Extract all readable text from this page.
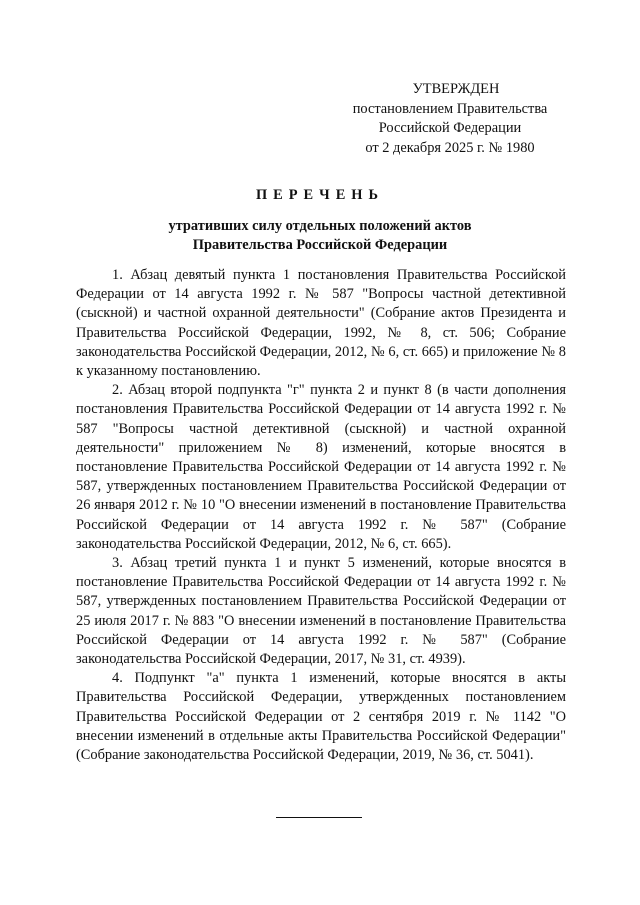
УТВЕРЖДЕН
постановлением Правительства
Российской Федерации
от 2 декабря 2025 г. № 1980
ПЕРЕЧЕНЬ
утративших силу отдельных положений актов
Правительства Российской Федерации

1. Абзац девятый пункта 1 постановления Правительства Российской Федерации от 14 августа 1992 г. № 587 "Вопросы частной детективной (сыскной) и частной охранной деятельности" (Собрание актов Президента и Правительства Российской Федерации, 1992, № 8, ст. 506; Собрание законодательства Российской Федерации, 2012, № 6, ст. 665) и приложение № 8 к указанному постановлению.

2. Абзац второй подпункта "г" пункта 2 и пункт 8 (в части дополнения постановления Правительства Российской Федерации от 14 августа 1992 г. № 587 "Вопросы частной детективной (сыскной) и частной охранной деятельности" приложением № 8) изменений, которые вносятся в постановление Правительства Российской Федерации от 14 августа 1992 г. № 587, утвержденных постановлением Правительства Российской Федерации от 26 января 2012 г. № 10 "О внесении изменений в постановление Правительства Российской Федерации от 14 августа 1992 г. № 587" (Собрание законодательства Российской Федерации, 2012, № 6, ст. 665).

3. Абзац третий пункта 1 и пункт 5 изменений, которые вносятся в постановление Правительства Российской Федерации от 14 августа 1992 г. № 587, утвержденных постановлением Правительства Российской Федерации от 25 июля 2017 г. № 883 "О внесении изменений в постановление Правительства Российской Федерации от 14 августа 1992 г. № 587" (Собрание законодательства Российской Федерации, 2017, № 31, ст. 4939).

4. Подпункт "а" пункта 1 изменений, которые вносятся в акты Правительства Российской Федерации, утвержденных постановлением Правительства Российской Федерации от 2 сентября 2019 г. № 1142 "О внесении изменений в отдельные акты Правительства Российской Федерации" (Собрание законодательства Российской Федерации, 2019, № 36, ст. 5041).
